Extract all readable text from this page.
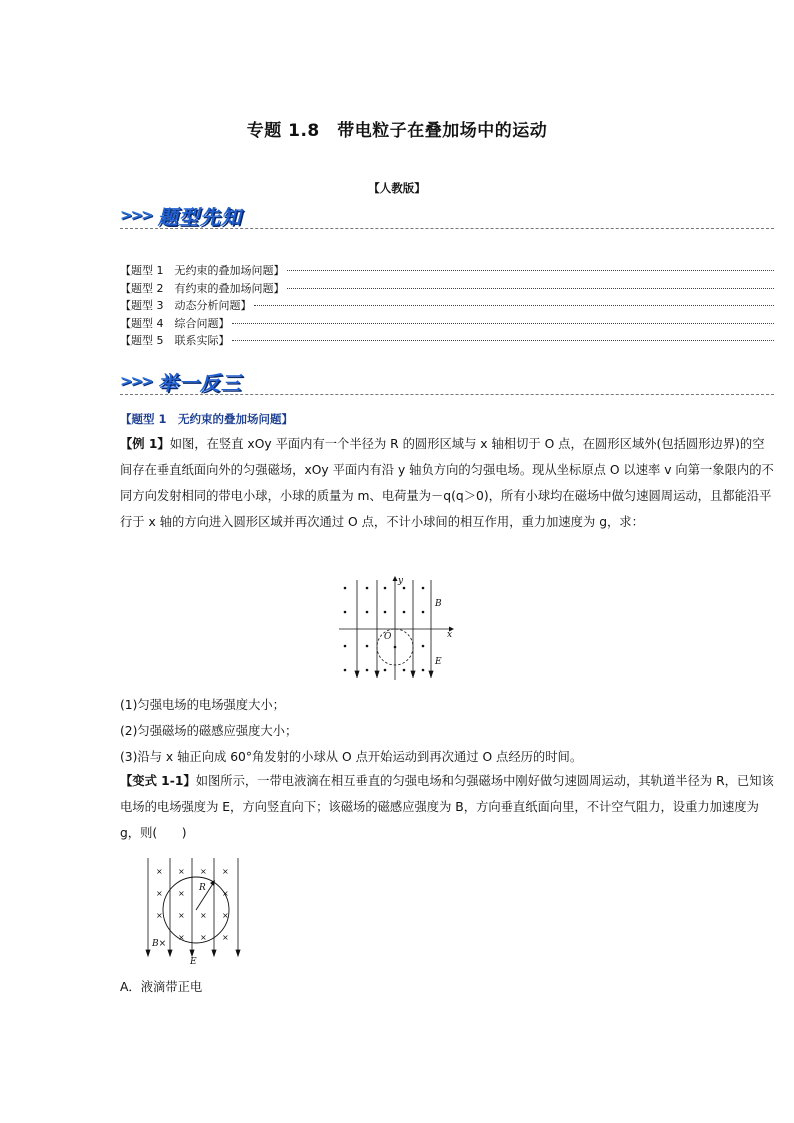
专题 1.8　带电粒子在叠加场中的运动
【人教版】
>>> 题型先知
【题型 1　无约束的叠加场问题】
【题型 2　有约束的叠加场问题】
【题型 3　动态分析问题】
【题型 4　综合问题】
【题型 5　联系实际】
>>> 举一反三
【题型 1　无约束的叠加场问题】
【例 1】如图，在竖直 xOy 平面内有一个半径为 R 的圆形区域与 x 轴相切于 O 点，在圆形区域外(包括圆形边界)的空间存在垂直纸面向外的匀强磁场，xOy 平面内有沿 y 轴负方向的匀强电场。现从坐标原点 O 以速率 v 向第一象限内的不同方向发射相同的带电小球，小球的质量为 m、电荷量为－q(q＞0)，所有小球均在磁场中做匀速圆周运动，且都能沿平行于 x 轴的方向进入圆形区域并再次通过 O 点，不计小球间的相互作用，重力加速度为 g，求：
y
x
O
B
E
(1)匀强电场的电场强度大小；
(2)匀强磁场的磁感应强度大小；
(3)沿与 x 轴正向成 60°角发射的小球从 O 点开始运动到再次通过 O 点经历的时间。
【变式 1-1】如图所示，一带电液滴在相互垂直的匀强电场和匀强磁场中刚好做匀速圆周运动，其轨道半径为 R，已知该电场的电场强度为 E，方向竖直向下；该磁场的磁感应强度为 B，方向垂直纸面向里，不计空气阻力，设重力加速度为 g，则(　　)
× × × ×
× ×	×
× × × ×
× × ×
R
B×
E
A．液滴带正电
